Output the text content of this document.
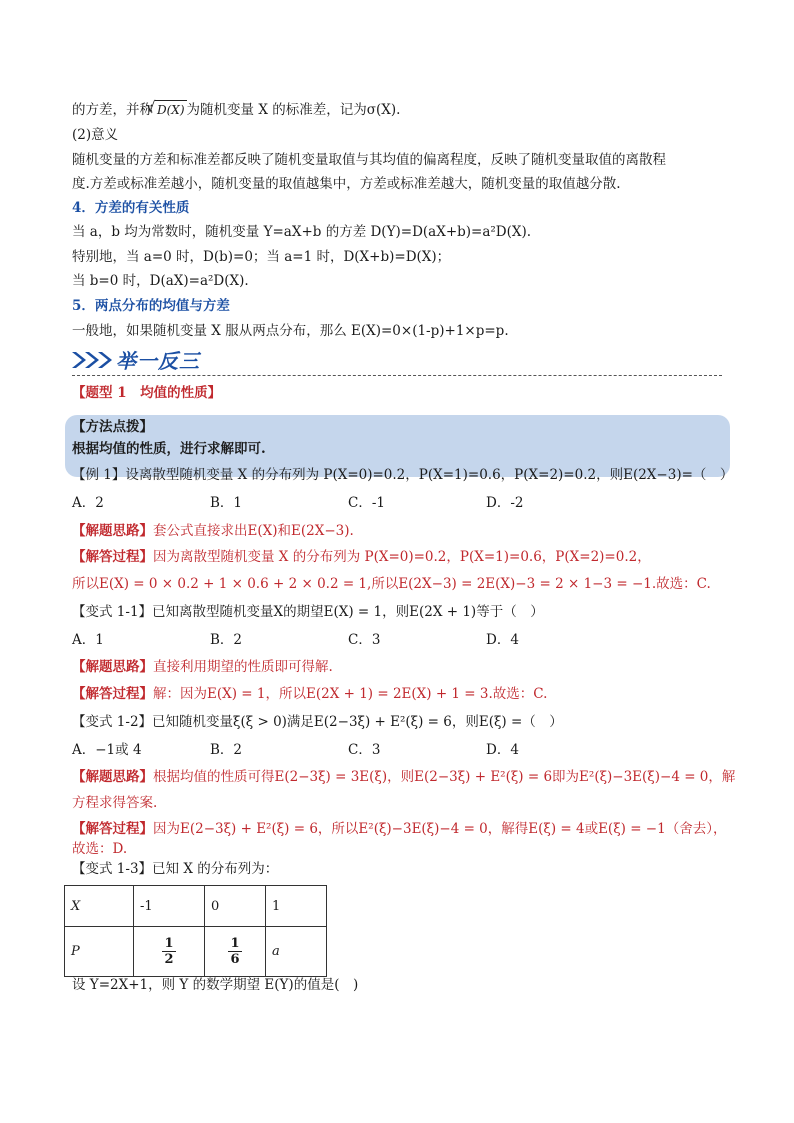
的方差，并称 √ D(X) 为随机变量 X 的标准差，记为σ(X).
(2)意义
随机变量的方差和标准差都反映了随机变量取值与其均值的偏离程度，反映了随机变量取值的离散程
度.方差或标准差越小，随机变量的取值越集中，方差或标准差越大，随机变量的取值越分散.
4．方差的有关性质
当 a，b 均为常数时，随机变量 Y=aX+b 的方差 D(Y)=D(aX+b)=a²D(X).
特别地，当 a=0 时，D(b)=0；当 a=1 时，D(X+b)=D(X)；
当 b=0 时，D(aX)=a²D(X).
5．两点分布的均值与方差
一般地，如果随机变量 X 服从两点分布，那么 E(X)=0×(1-p)+1×p=p.
举一反三
【题型 1　均值的性质】
【方法点拨】
根据均值的性质，进行求解即可.
【例 1】设离散型随机变量 X 的分布列为 P(X=0)=0.2，P(X=1)=0.6，P(X=2)=0.2，则E(2X−3)=（　）
A．2	B．1	C．-1	D．-2
【解题思路】套公式直接求出E(X)和E(2X−3).
【解答过程】因为离散型随机变量 X 的分布列为 P(X=0)=0.2，P(X=1)=0.6，P(X=2)=0.2，
所以E(X) = 0 × 0.2 + 1 × 0.6 + 2 × 0.2 = 1,所以E(2X−3) = 2E(X)−3 = 2 × 1−3 = −1.故选：C.
【变式 1-1】已知离散型随机变量X的期望E(X) = 1，则E(2X + 1)等于（　）
A．1	B．2	C．3	D．4
【解题思路】直接利用期望的性质即可得解.
【解答过程】解：因为E(X) = 1，所以E(2X + 1) = 2E(X) + 1 = 3.故选：C.
【变式 1-2】已知随机变量ξ(ξ > 0)满足E(2−3ξ) + E²(ξ) = 6，则E(ξ) =（　）
A．−1或 4	B．2	C．3	D．4
【解题思路】根据均值的性质可得E(2−3ξ) = 3E(ξ)，则E(2−3ξ) + E²(ξ) = 6即为E²(ξ)−3E(ξ)−4 = 0，解
方程求得答案.
【解答过程】因为E(2−3ξ) + E²(ξ) = 6，所以E²(ξ)−3E(ξ)−4 = 0，解得E(ξ) = 4或E(ξ) = −1（舍去），
故选：D.
【变式 1-3】已知 X 的分布列为：
X	-1	0	1
P	$\frac{1}{2}$	$\frac{1}{6}$	a
设 Y=2X+1，则 Y 的数学期望 E(Y)的值是(　)
